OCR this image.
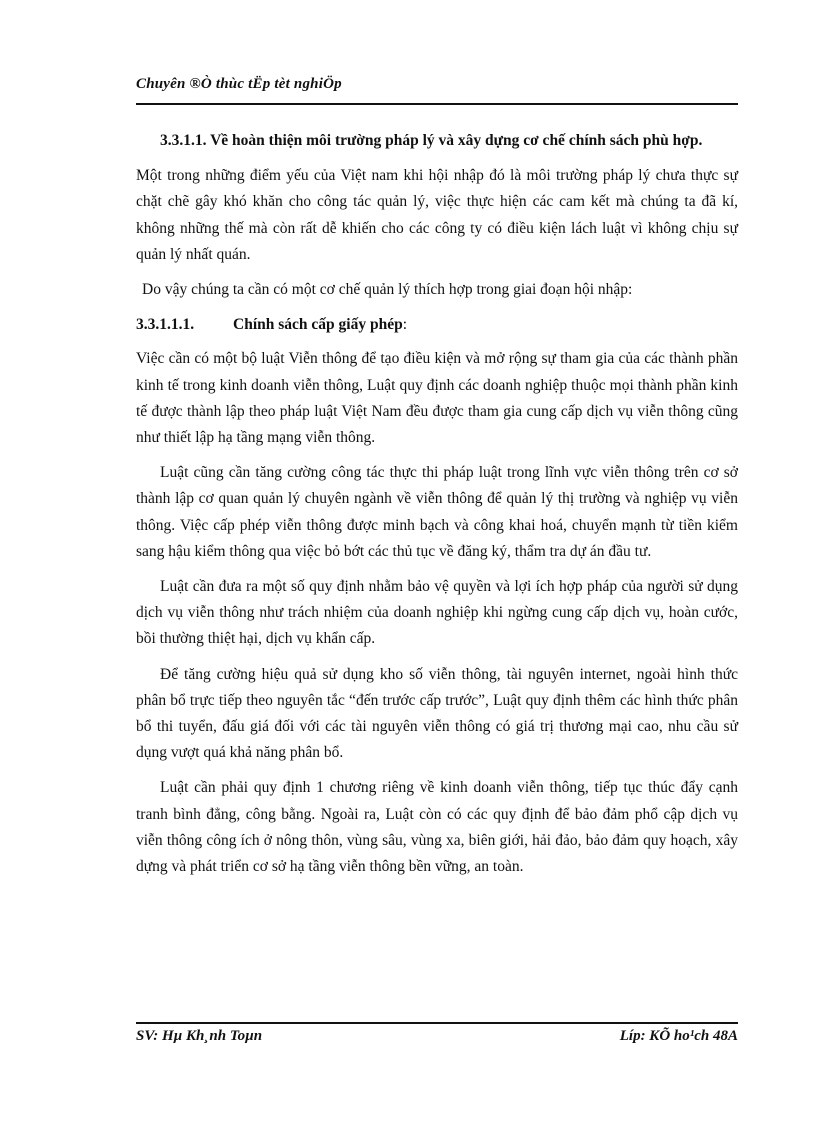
Chuyên ®Ò thùc tËp tèt nghiÖp

3.3.1.1. Về hoàn thiện môi trường pháp lý và xây dựng cơ chế chính sách phù hợp.

Một trong những điểm yếu của Việt nam khi hội nhập đó là môi trường pháp lý chưa thực sự chặt chẽ gây khó khăn cho công tác quản lý, việc thực hiện các cam kết mà chúng ta đã kí, không những thế mà còn rất dễ khiến cho các công ty có điều kiện lách luật vì không chịu sự quản lý nhất quán.

Do vậy chúng ta cần có một cơ chế quản lý thích hợp trong giai đoạn hội nhập:

3.3.1.1.1.	Chính sách cấp giấy phép :

Việc cần có một bộ luật Viễn thông để tạo điều kiện và mở rộng sự tham gia của các thành phần kinh tế trong kinh doanh viễn thông, Luật quy định các doanh nghiệp thuộc mọi thành phần kinh tế được thành lập theo pháp luật Việt Nam đều được tham gia cung cấp dịch vụ viễn thông cũng như thiết lập hạ tầng mạng viễn thông.

Luật cũng cần tăng cường công tác thực thi pháp luật trong lĩnh vực viễn thông trên cơ sở thành lập cơ quan quản lý chuyên ngành về viễn thông để quản lý thị trường và nghiệp vụ viễn thông. Việc cấp phép viễn thông được minh bạch và công khai hoá, chuyển mạnh từ tiền kiểm sang hậu kiểm thông qua việc bỏ bớt các thủ tục về đăng ký, thẩm tra dự án đầu tư.

Luật cần đưa ra một số quy định nhằm bảo vệ quyền và lợi ích hợp pháp của người sử dụng dịch vụ viễn thông như trách nhiệm của doanh nghiệp khi ngừng cung cấp dịch vụ, hoàn cước, bồi thường thiệt hại, dịch vụ khẩn cấp.

Để tăng cường hiệu quả sử dụng kho số viễn thông, tài nguyên internet, ngoài hình thức phân bổ trực tiếp theo nguyên tắc “đến trước cấp trước”, Luật quy định thêm các hình thức phân bổ thi tuyển, đấu giá đối với các tài nguyên viễn thông có giá trị thương mại cao, nhu cầu sử dụng vượt quá khả năng phân bổ.

Luật cần phải quy định 1 chương riêng về kinh doanh viễn thông, tiếp tục thúc đẩy cạnh tranh bình đẳng, công bằng. Ngoài ra, Luật còn có các quy định để bảo đảm phổ cập dịch vụ viễn thông công ích ở nông thôn, vùng sâu, vùng xa, biên giới, hải đảo, bảo đảm quy hoạch, xây dựng và phát triển cơ sở hạ tầng viễn thông bền vững, an toàn.

SV: Hµ Kh¸nh Toµn	Líp: KÕ ho¹ch 48A
